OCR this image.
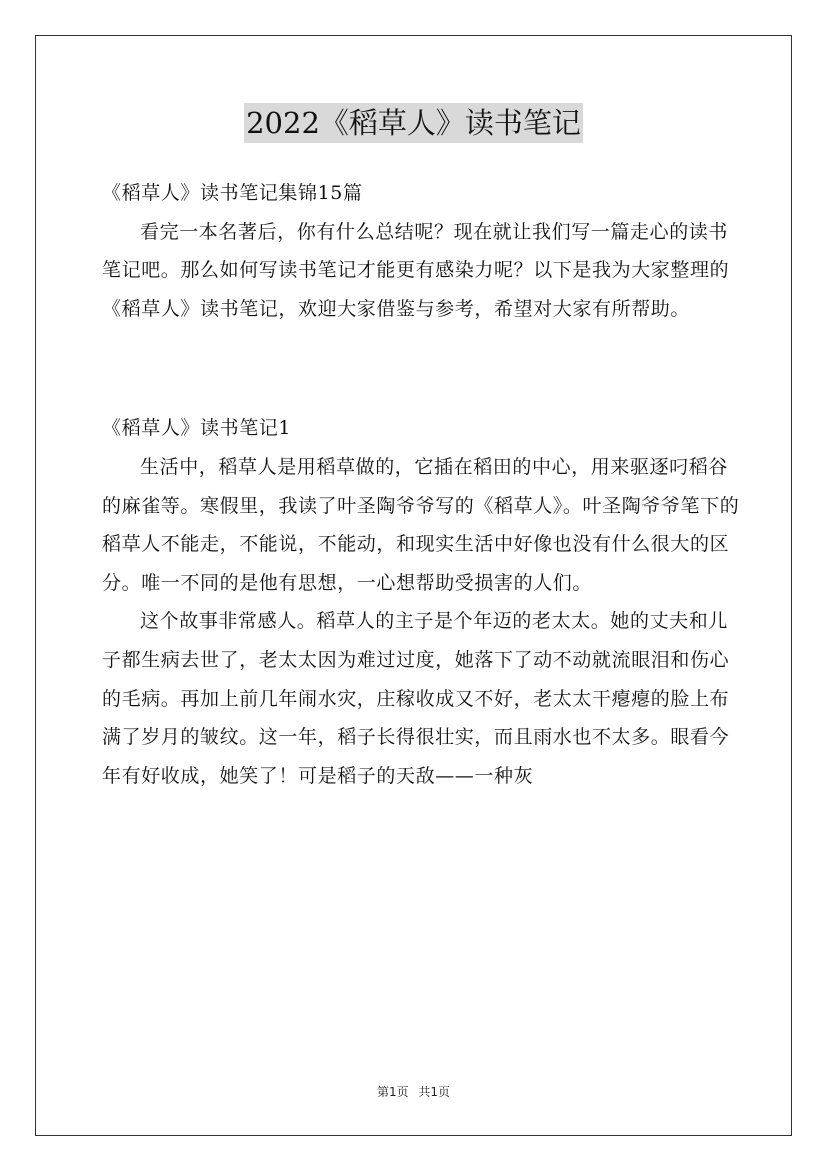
2022《稻草人》读书笔记

《稻草人》读书笔记集锦15篇

看完一本名著后，你有什么总结呢？现在就让我们写一篇走心的读书笔记吧。那么如何写读书笔记才能更有感染力呢？以下是我为大家整理的《稻草人》读书笔记，欢迎大家借鉴与参考，希望对大家有所帮助。

《稻草人》读书笔记1

生活中，稻草人是用稻草做的，它插在稻田的中心，用来驱逐叼稻谷的麻雀等。寒假里，我读了叶圣陶爷爷写的《稻草人》。叶圣陶爷爷笔下的稻草人不能走，不能说，不能动，和现实生活中好像也没有什么很大的区分。唯一不同的是他有思想，一心想帮助受损害的人们。

这个故事非常感人。稻草人的主子是个年迈的老太太。她的丈夫和儿子都生病去世了，老太太因为难过过度，她落下了动不动就流眼泪和伤心的毛病。再加上前几年闹水灾，庄稼收成又不好，老太太干瘪瘪的脸上布满了岁月的皱纹。这一年，稻子长得很壮实，而且雨水也不太多。眼看今年有好收成，她笑了！可是稻子的天敌——一种灰

第1页 共1页
